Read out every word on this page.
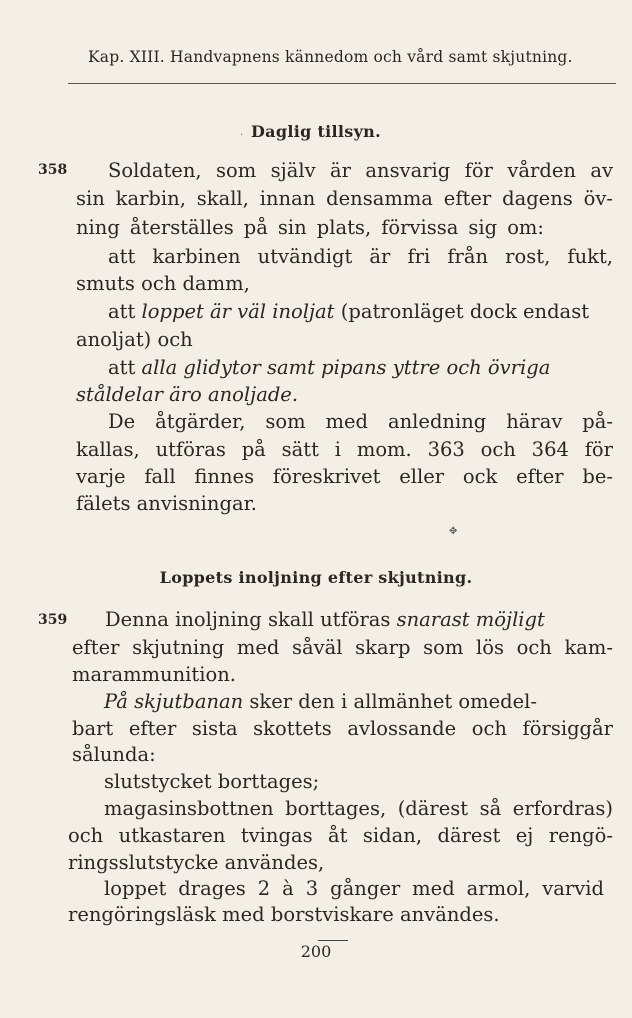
Kap. XIII. Handvapnens kännedom och vård samt skjutning.
· Daglig tillsyn.
358 Soldaten, som själv är ansvarig för vården av
sin karbin, skall, innan densamma efter dagens öv-
ning återställes på sin plats, förvissa sig om:
att karbinen utvändigt är fri från rost, fukt,
smuts och damm,
att loppet är väl inoljat (patronläget dock endast
anoljat) och
att alla glidytor samt pipans yttre och övriga
ståldelar äro anoljade.
De åtgärder, som med anledning härav på-
kallas, utföras på sätt i mom. 363 och 364 för
varje fall finnes föreskrivet eller ock efter be-
fälets anvisningar.
✥
Loppets inoljning efter skjutning.
359 Denna inoljning skall utföras snarast möjligt
efter skjutning med såväl skarp som lös och kam-
marammunition.
På skjutbanan sker den i allmänhet omedel-
bart efter sista skottets avlossande och försiggår
sålunda:
slutstycket borttages;
magasinsbottnen borttages, (därest så erfordras)
och utkastaren tvingas åt sidan, därest ej rengö-
ringsslutstycke användes,
loppet drages 2 à 3 gånger med armol, varvid
rengöringsläsk med borstviskare användes.
200
